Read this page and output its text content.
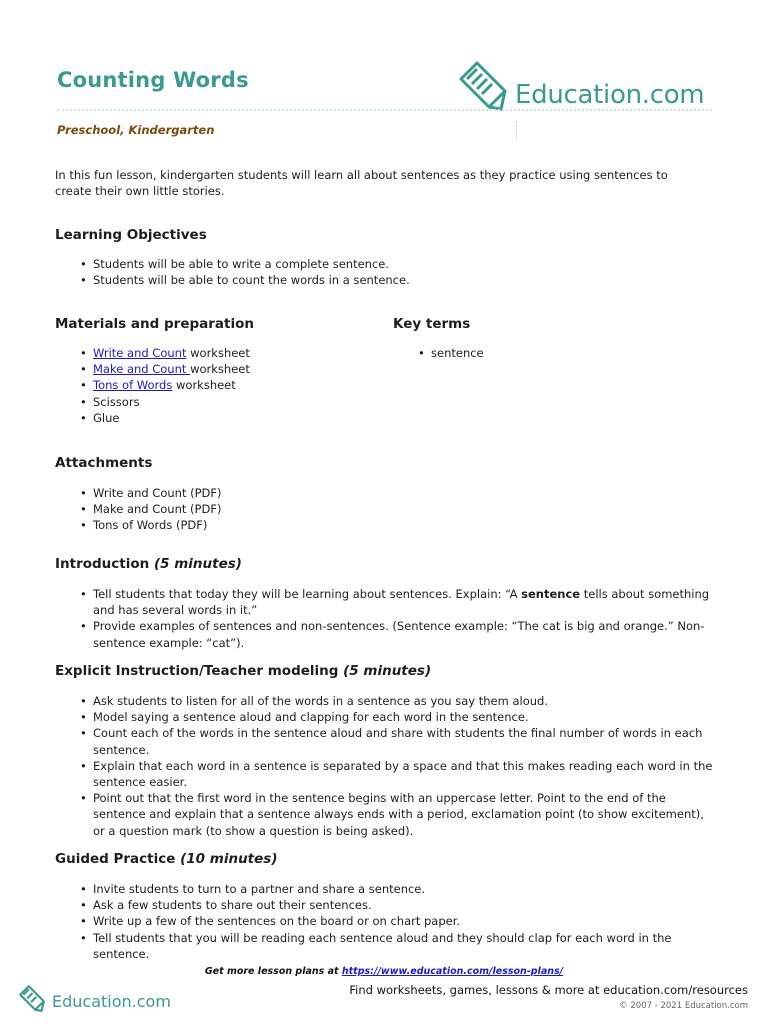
Counting Words	Education.com
Preschool, Kindergarten

In this fun lesson, kindergarten students will learn all about sentences as they practice using sentences to create their own little stories.

Learning Objectives
• Students will be able to write a complete sentence.
• Students will be able to count the words in a sentence.
Materials and preparation
• Write and Count worksheet
• Make and Count worksheet
• Tons of Words worksheet
• Scissors
• Glue
Key terms
• sentence
Attachments
• Write and Count (PDF)
• Make and Count (PDF)
• Tons of Words (PDF)
Introduction (5 minutes)
• Tell students that today they will be learning about sentences. Explain: “A sentence tells about something and has several words in it.”
• Provide examples of sentences and non-sentences. (Sentence example: “The cat is big and orange.” Non-sentence example: “cat”).
Explicit Instruction/Teacher modeling (5 minutes)
• Ask students to listen for all of the words in a sentence as you say them aloud.
• Model saying a sentence aloud and clapping for each word in the sentence.
• Count each of the words in the sentence aloud and share with students the final number of words in each sentence.
• Explain that each word in a sentence is separated by a space and that this makes reading each word in the sentence easier.
• Point out that the first word in the sentence begins with an uppercase letter. Point to the end of the sentence and explain that a sentence always ends with a period, exclamation point (to show excitement), or a question mark (to show a question is being asked).
Guided Practice (10 minutes)
• Invite students to turn to a partner and share a sentence.
• Ask a few students to share out their sentences.
• Write up a few of the sentences on the board or on chart paper.
• Tell students that you will be reading each sentence aloud and they should clap for each word in the sentence.
Get more lesson plans at https://www.education.com/lesson-plans/
Education.com
Find worksheets, games, lessons & more at education.com/resources
© 2007 - 2021 Education.com
